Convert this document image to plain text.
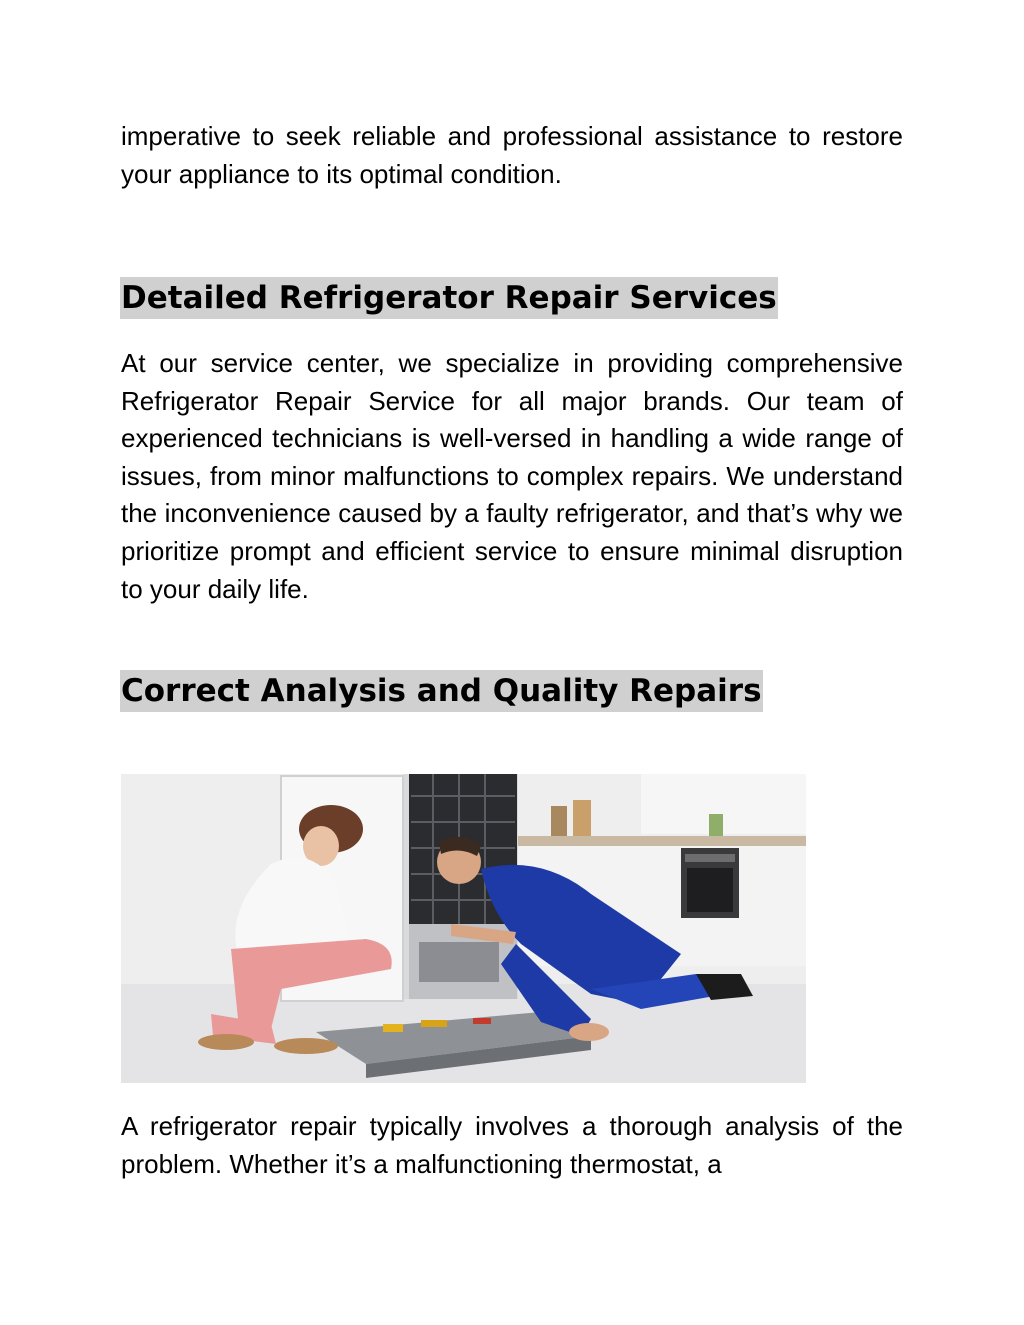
imperative to seek reliable and professional assistance to restore your appliance to its optimal condition.

Detailed Refrigerator Repair Services

At our service center, we specialize in providing comprehensive Refrigerator Repair Service for all major brands. Our team of experienced technicians is well-versed in handling a wide range of issues, from minor malfunctions to complex repairs. We understand the inconvenience caused by a faulty refrigerator, and that’s why we prioritize prompt and efficient service to ensure minimal disruption to your daily life.

Correct Analysis and Quality Repairs

A refrigerator repair typically involves a thorough analysis of the problem. Whether it’s a malfunctioning thermostat, a
